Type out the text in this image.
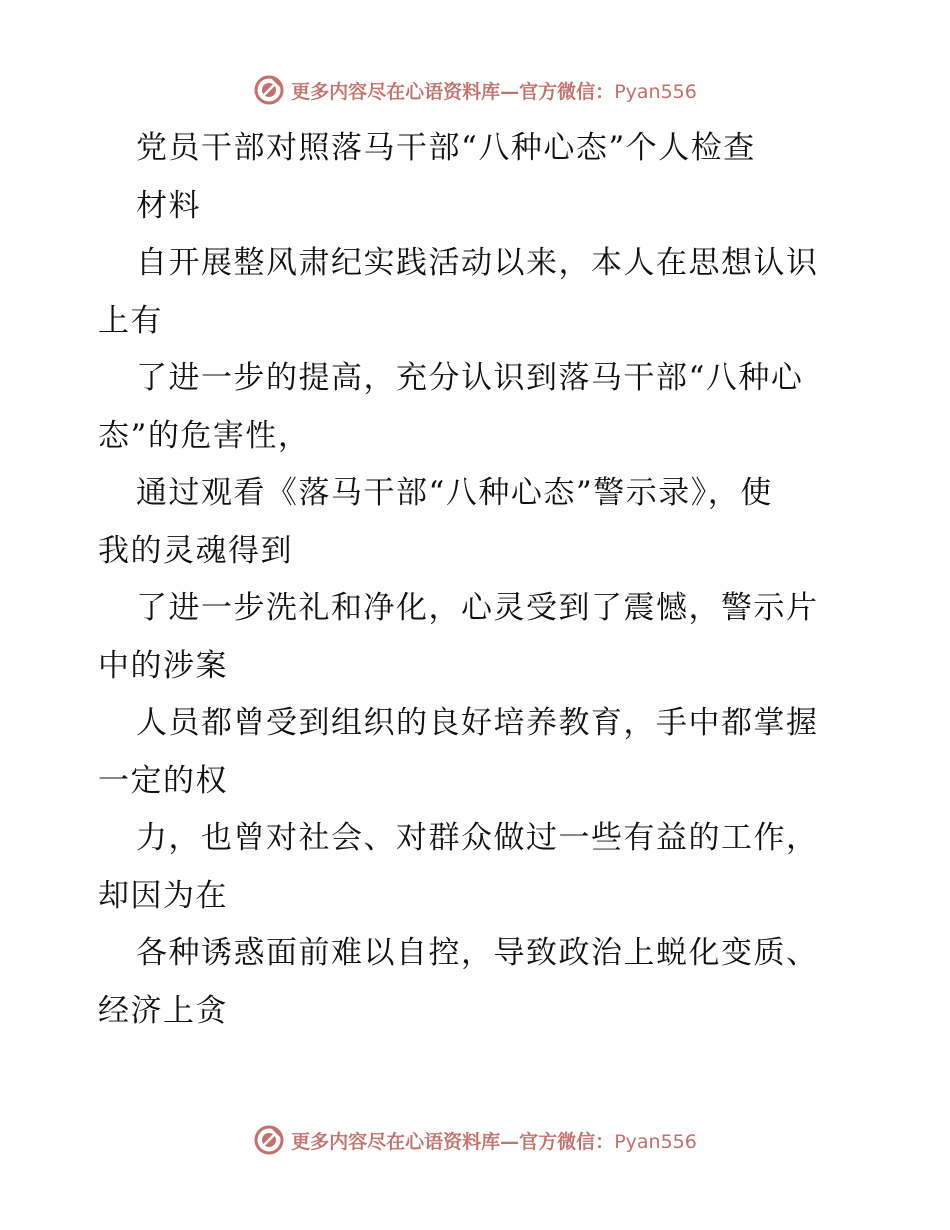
更多内容尽在心语资料库—官方微信：Pyan556
党员干部对照落马干部“八种心态”个人检查
材料
自开展整风肃纪实践活动以来，本人在思想认识
上有
了进一步的提高，充分认识到落马干部“八种心
态”的危害性，
通过观看《落马干部“八种心态”警示录》，使
我的灵魂得到
了进一步洗礼和净化，心灵受到了震憾，警示片
中的涉案
人员都曾受到组织的良好培养教育，手中都掌握
一定的权
力，也曾对社会、对群众做过一些有益的工作，
却因为在
各种诱惑面前难以自控，导致政治上蜕化变质、
经济上贪
更多内容尽在心语资料库—官方微信：Pyan556
